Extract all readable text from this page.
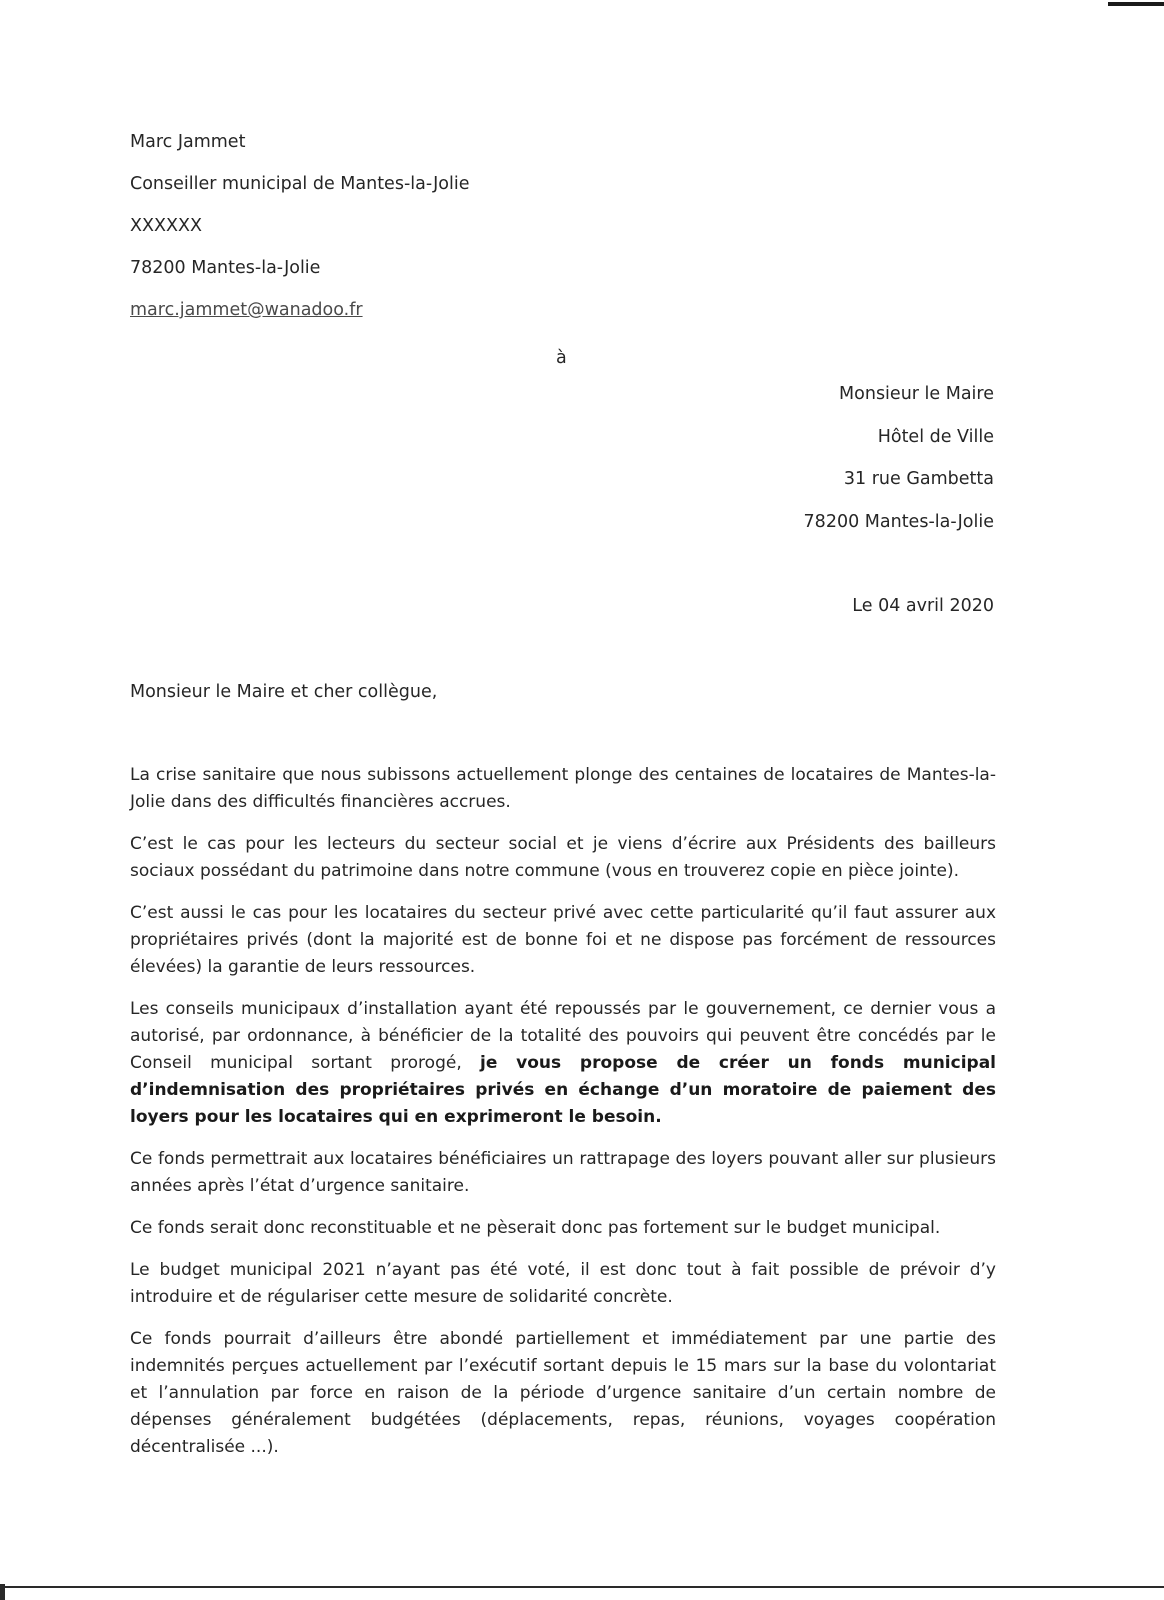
Marc Jammet
Conseiller municipal de Mantes-la-Jolie
XXXXXX
78200 Mantes-la-Jolie
marc.jammet@wanadoo.fr
à
Monsieur le Maire
Hôtel de Ville
31 rue Gambetta
78200 Mantes-la-Jolie
Le 04 avril 2020
Monsieur le Maire et cher collègue,

La crise sanitaire que nous subissons actuellement plonge des centaines de locataires de Mantes-la-Jolie dans des difficultés financières accrues.

C’est le cas pour les lecteurs du secteur social et je viens d’écrire aux Présidents des bailleurs sociaux possédant du patrimoine dans notre commune (vous en trouverez copie en pièce jointe).

C’est aussi le cas pour les locataires du secteur privé avec cette particularité qu’il faut assurer aux propriétaires privés (dont la majorité est de bonne foi et ne dispose pas forcément de ressources élevées) la garantie de leurs ressources.

Les conseils municipaux d’installation ayant été repoussés par le gouvernement, ce dernier vous a autorisé, par ordonnance, à bénéficier de la totalité des pouvoirs qui peuvent être concédés par le Conseil municipal sortant prorogé, je vous propose de créer un fonds municipal d’indemnisation des propriétaires privés en échange d’un moratoire de paiement des loyers pour les locataires qui en exprimeront le besoin.

Ce fonds permettrait aux locataires bénéficiaires un rattrapage des loyers pouvant aller sur plusieurs années après l’état d’urgence sanitaire.

Ce fonds serait donc reconstituable et ne pèserait donc pas fortement sur le budget municipal.

Le budget municipal 2021 n’ayant pas été voté, il est donc tout à fait possible de prévoir d’y introduire et de régulariser cette mesure de solidarité concrète.

Ce fonds pourrait d’ailleurs être abondé partiellement et immédiatement par une partie des indemnités perçues actuellement par l’exécutif sortant depuis le 15 mars sur la base du volontariat et l’annulation par force en raison de la période d’urgence sanitaire d’un certain nombre de dépenses généralement budgétées (déplacements, repas, réunions, voyages coopération décentralisée ...).
